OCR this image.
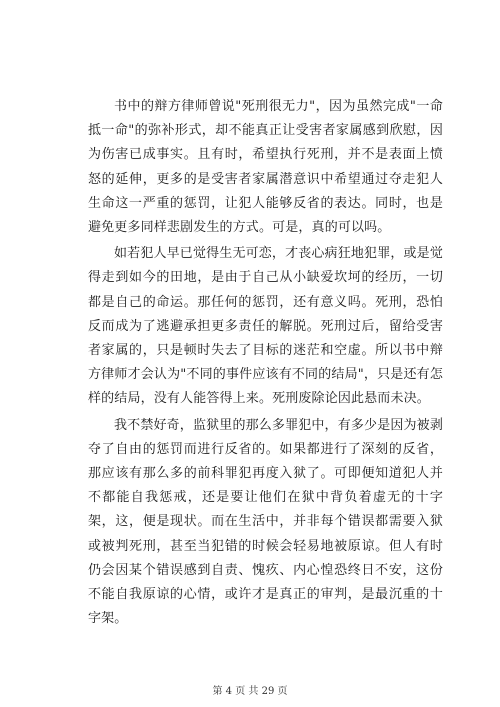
书中的辩方律师曾说"死刑很无力"，因为虽然完成"一命抵一命"的弥补形式，却不能真正让受害者家属感到欣慰，因为伤害已成事实。且有时，希望执行死刑，并不是表面上愤怒的延伸，更多的是受害者家属潜意识中希望通过夺走犯人生命这一严重的惩罚，让犯人能够反省的表达。同时，也是避免更多同样悲剧发生的方式。可是，真的可以吗。

如若犯人早已觉得生无可恋，才丧心病狂地犯罪，或是觉得走到如今的田地，是由于自己从小缺爱坎坷的经历，一切都是自己的命运。那任何的惩罚，还有意义吗。死刑，恐怕反而成为了逃避承担更多责任的解脱。死刑过后，留给受害者家属的，只是顿时失去了目标的迷茫和空虚。所以书中辩方律师才会认为"不同的事件应该有不同的结局"，只是还有怎样的结局，没有人能答得上来。死刑废除论因此悬而未决。

我不禁好奇，监狱里的那么多罪犯中，有多少是因为被剥夺了自由的惩罚而进行反省的。如果都进行了深刻的反省，那应该有那么多的前科罪犯再度入狱了。可即便知道犯人并不都能自我惩戒，还是要让他们在狱中背负着虚无的十字架，这，便是现状。而在生活中，并非每个错误都需要入狱或被判死刑，甚至当犯错的时候会轻易地被原谅。但人有时仍会因某个错误感到自责、愧疚、内心惶恐终日不安，这份不能自我原谅的心情，或许才是真正的审判，是最沉重的十字架。

第 4 页 共 29 页
